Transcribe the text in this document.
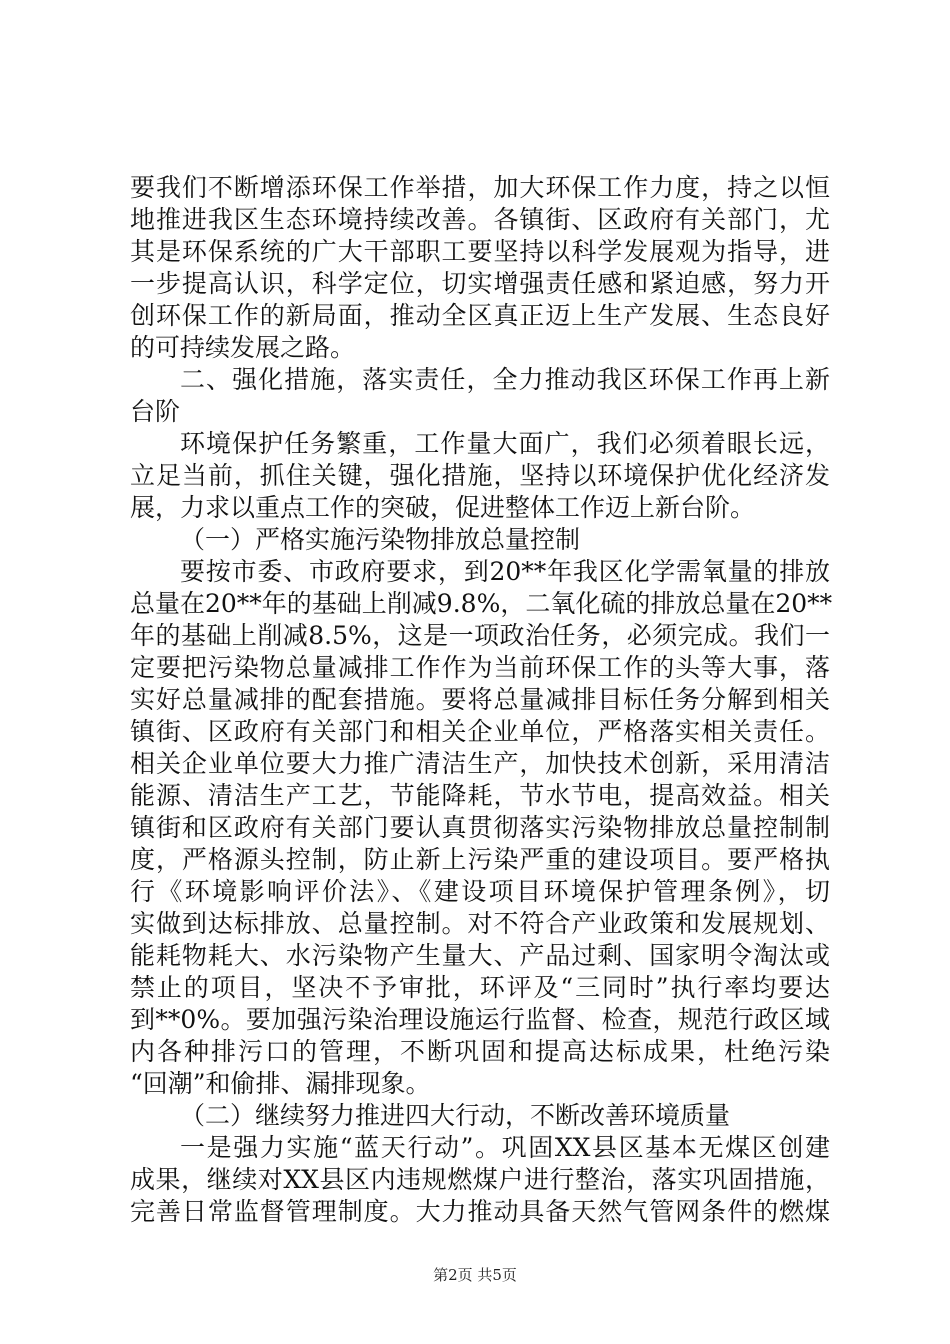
要我们不断增添环保工作举措，加大环保工作力度，持之以恒
地推进我区生态环境持续改善。各镇街、区政府有关部门，尤
其是环保系统的广大干部职工要坚持以科学发展观为指导，进
一步提高认识，科学定位，切实增强责任感和紧迫感，努力开
创环保工作的新局面，推动全区真正迈上生产发展、生态良好
的可持续发展之路。
二、强化措施，落实责任，全力推动我区环保工作再上新
台阶
环境保护任务繁重，工作量大面广，我们必须着眼长远，
立足当前，抓住关键，强化措施，坚持以环境保护优化经济发
展，力求以重点工作的突破，促进整体工作迈上新台阶。
（一）严格实施污染物排放总量控制
要按市委、市政府要求，到20**年我区化学需氧量的排放
总量在20**年的基础上削减9.8%，二氧化硫的排放总量在20**
年的基础上削减8.5%，这是一项政治任务，必须完成。我们一
定要把污染物总量减排工作作为当前环保工作的头等大事，落
实好总量减排的配套措施。要将总量减排目标任务分解到相关
镇街、区政府有关部门和相关企业单位，严格落实相关责任。
相关企业单位要大力推广清洁生产，加快技术创新，采用清洁
能源、清洁生产工艺，节能降耗，节水节电，提高效益。相关
镇街和区政府有关部门要认真贯彻落实污染物排放总量控制制
度，严格源头控制，防止新上污染严重的建设项目。要严格执
行《环境影响评价法》、《建设项目环境保护管理条例》，切
实做到达标排放、总量控制。对不符合产业政策和发展规划、
能耗物耗大、水污染物产生量大、产品过剩、国家明令淘汰或
禁止的项目，坚决不予审批，环评及“三同时”执行率均要达
到**0%。要加强污染治理设施运行监督、检查，规范行政区域
内各种排污口的管理，不断巩固和提高达标成果，杜绝污染
“回潮”和偷排、漏排现象。
（二）继续努力推进四大行动，不断改善环境质量
一是强力实施“蓝天行动”。巩固XX县区基本无煤区创建
成果，继续对XX县区内违规燃煤户进行整治，落实巩固措施，
完善日常监督管理制度。大力推动具备天然气管网条件的燃煤
第2页 共5页
